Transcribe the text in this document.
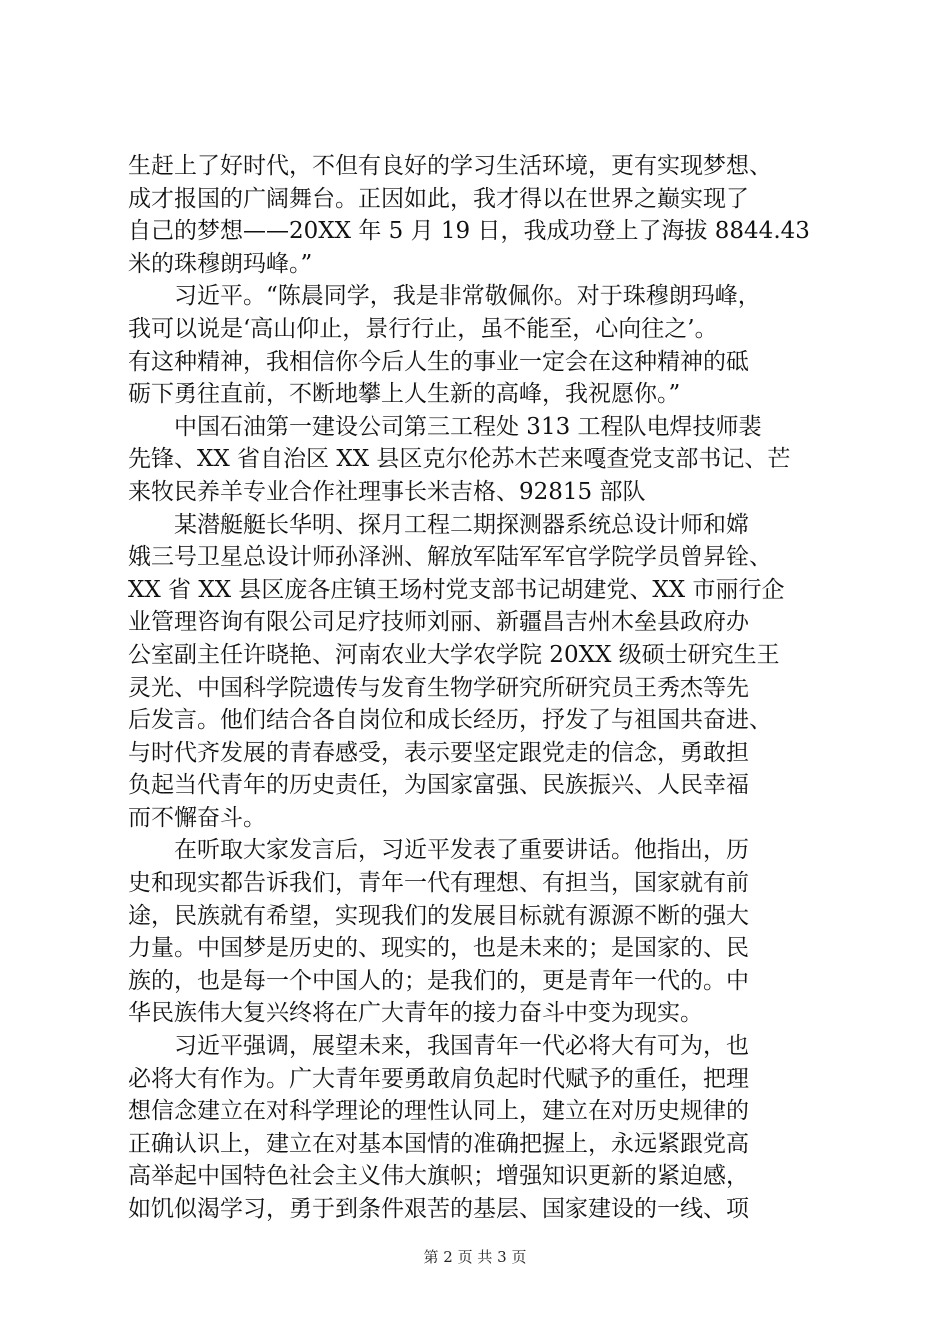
生赶上了好时代，不但有良好的学习生活环境，更有实现梦想、
成才报国的广阔舞台。正因如此，我才得以在世界之巅实现了
自己的梦想——20XX 年 5 月 19 日，我成功登上了海拔 8844.43
米的珠穆朗玛峰。”
　　习近平。“陈晨同学，我是非常敬佩你。对于珠穆朗玛峰，
我可以说是‘高山仰止，景行行止，虽不能至，心向往之’。
有这种精神，我相信你今后人生的事业一定会在这种精神的砥
砺下勇往直前，不断地攀上人生新的高峰，我祝愿你。”
　　中国石油第一建设公司第三工程处 313 工程队电焊技师裴
先锋、XX 省自治区 XX 县区克尔伦苏木芒来嘎查党支部书记、芒
来牧民养羊专业合作社理事长米吉格、92815 部队
　　某潜艇艇长华明、探月工程二期探测器系统总设计师和嫦
娥三号卫星总设计师孙泽洲、解放军陆军军官学院学员曾昇铨、
XX 省 XX 县区庞各庄镇王场村党支部书记胡建党、XX 市丽行企
业管理咨询有限公司足疗技师刘丽、新疆昌吉州木垒县政府办
公室副主任许晓艳、河南农业大学农学院 20XX 级硕士研究生王
灵光、中国科学院遗传与发育生物学研究所研究员王秀杰等先
后发言。他们结合各自岗位和成长经历，抒发了与祖国共奋进、
与时代齐发展的青春感受，表示要坚定跟党走的信念，勇敢担
负起当代青年的历史责任，为国家富强、民族振兴、人民幸福
而不懈奋斗。
　　在听取大家发言后，习近平发表了重要讲话。他指出，历
史和现实都告诉我们，青年一代有理想、有担当，国家就有前
途，民族就有希望，实现我们的发展目标就有源源不断的强大
力量。中国梦是历史的、现实的，也是未来的；是国家的、民
族的，也是每一个中国人的；是我们的，更是青年一代的。中
华民族伟大复兴终将在广大青年的接力奋斗中变为现实。
　　习近平强调，展望未来，我国青年一代必将大有可为，也
必将大有作为。广大青年要勇敢肩负起时代赋予的重任，把理
想信念建立在对科学理论的理性认同上，建立在对历史规律的
正确认识上，建立在对基本国情的准确把握上，永远紧跟党高
高举起中国特色社会主义伟大旗帜；增强知识更新的紧迫感，
如饥似渴学习，勇于到条件艰苦的基层、国家建设的一线、项
第 2 页 共 3 页
